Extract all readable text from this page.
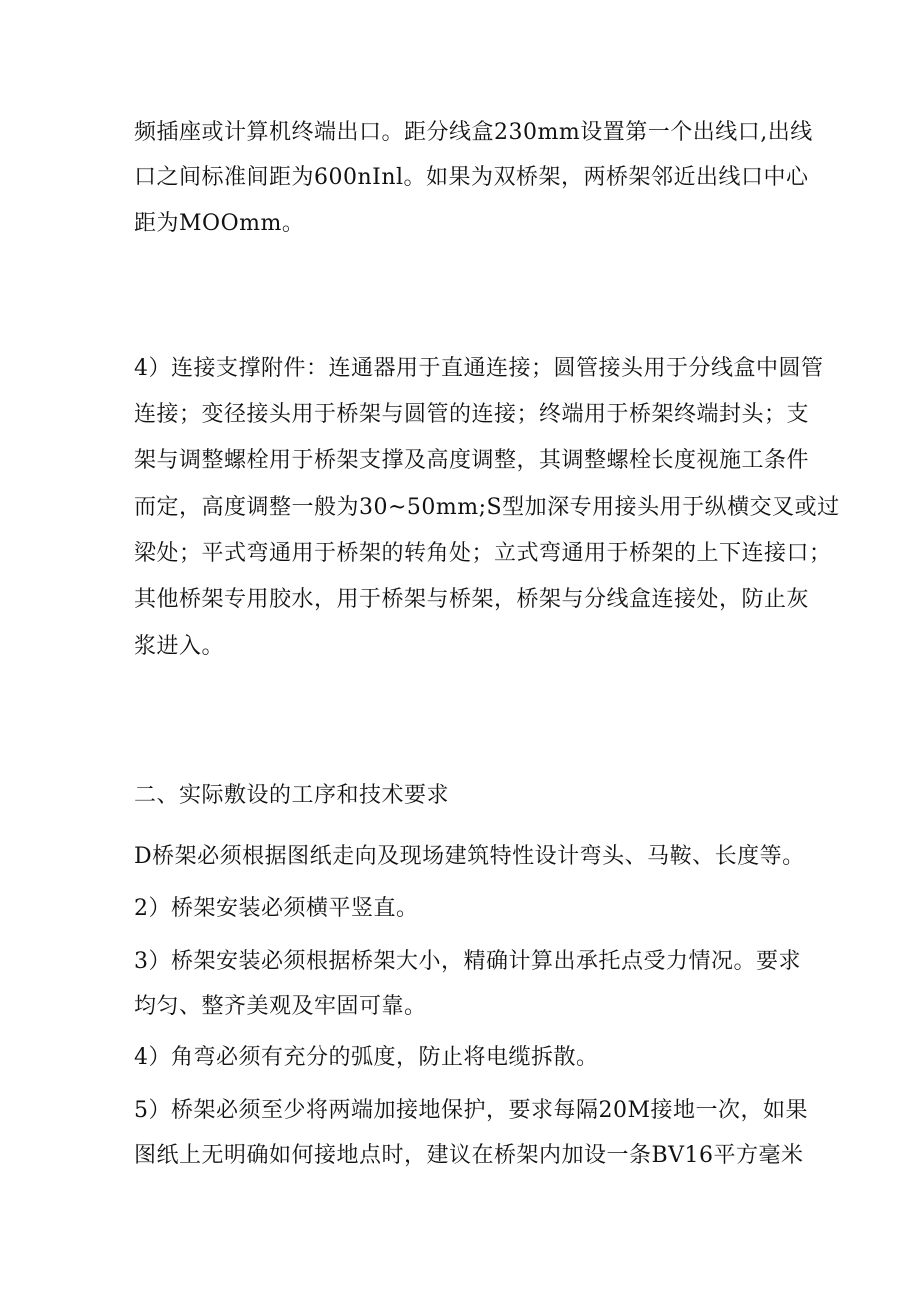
频插座或计算机终端出口。距分线盒230mm设置第一个出线口,出线
口之间标准间距为600nInl。如果为双桥架，两桥架邻近出线口中心
距为MOOmm。
4）连接支撑附件：连通器用于直通连接；圆管接头用于分线盒中圆管
连接；变径接头用于桥架与圆管的连接；终端用于桥架终端封头；支
架与调整螺栓用于桥架支撑及高度调整，其调整螺栓长度视施工条件
而定，高度调整一般为30~50mm;S型加深专用接头用于纵横交叉或过
梁处；平式弯通用于桥架的转角处；立式弯通用于桥架的上下连接口；
其他桥架专用胶水，用于桥架与桥架，桥架与分线盒连接处，防止灰
浆进入。
二、实际敷设的工序和技术要求
D桥架必须根据图纸走向及现场建筑特性设计弯头、马鞍、长度等。
2）桥架安装必须横平竖直。
3）桥架安装必须根据桥架大小，精确计算出承托点受力情况。要求
均匀、整齐美观及牢固可靠。
4）角弯必须有充分的弧度，防止将电缆拆散。
5）桥架必须至少将两端加接地保护，要求每隔20M接地一次，如果
图纸上无明确如何接地点时，建议在桥架内加设一条BV16平方毫米
